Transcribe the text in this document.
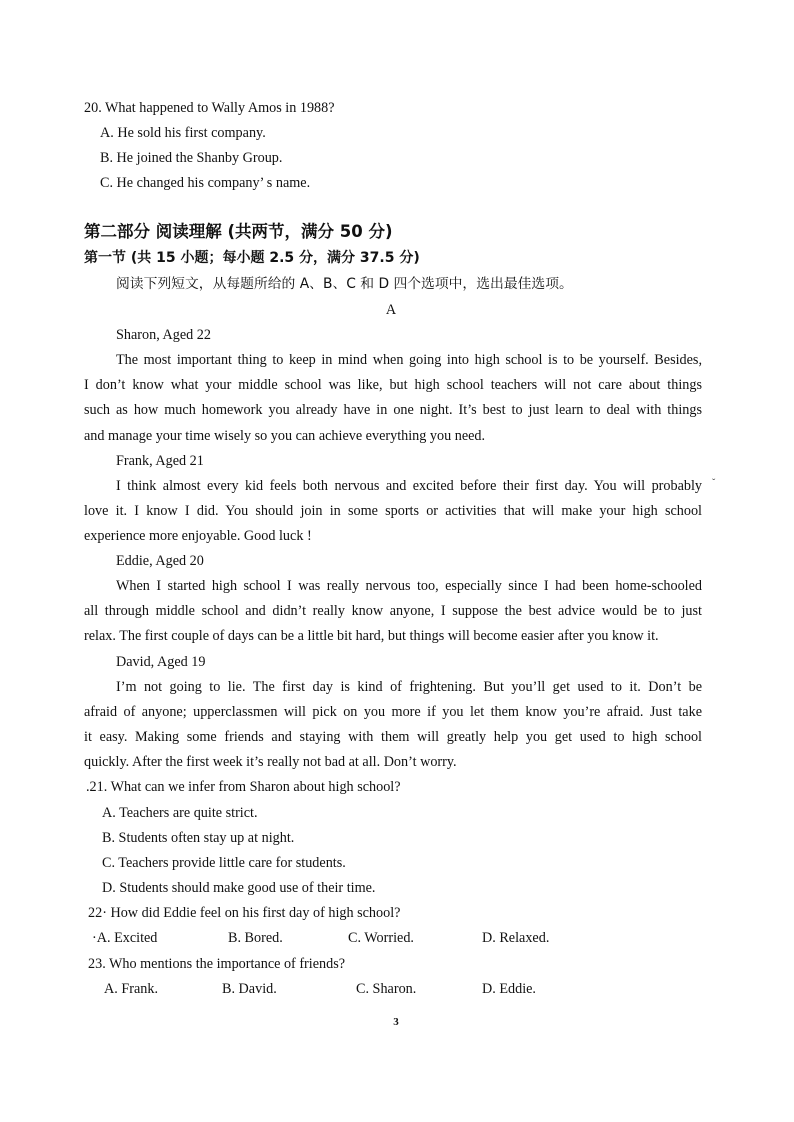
20. What happened to Wally Amos in 1988?
A. He sold his first company.
B. He joined the Shanby Group.
C. He changed his company’ s name.
第二部分 阅读理解 (共两节，满分 50 分)
第一节 (共 15 小题；每小题 2.5 分，满分 37.5 分)
阅读下列短文，从每题所给的 A、B、C 和 D 四个选项中，选出最佳选项。
A
Sharon, Aged 22
The most important thing to keep in mind when going into high school is to be yourself. Besides,
I don’t know what your middle school was like, but high school teachers will not care about things
such as how much homework you already have in one night. It’s best to just learn to deal with things
and manage your time wisely so you can achieve everything you need.
Frank, Aged 21
I think almost every kid feels both nervous and excited before their first day. You will probably
love it. I know I did. You should join in some sports or activities that will make your high school
experience more enjoyable. Good luck !
Eddie, Aged 20
When I started high school I was really nervous too, especially since I had been home-schooled
all through middle school and didn’t really know anyone, I suppose the best advice would be to just
relax. The first couple of days can be a little bit hard, but things will become easier after you know it.
David, Aged 19
I’m not going to lie. The first day is kind of frightening. But you’ll get used to it. Don’t be
afraid of anyone; upperclassmen will pick on you more if you let them know you’re afraid. Just take
it easy. Making some friends and staying with them will greatly help you get used to high school
quickly. After the first week it’s really not bad at all. Don’t worry.
.21. What can we infer from Sharon about high school?
A. Teachers are quite strict.
B. Students often stay up at night.
C. Teachers provide little care for students.
D. Students should make good use of their time.
22· How did Eddie feel on his first day of high school?
·A. Excited	B. Bored.	C. Worried.	D. Relaxed.
23. Who mentions the importance of friends?
A. Frank.	B. David.	C. Sharon.	D. Eddie.
ˇ
3
